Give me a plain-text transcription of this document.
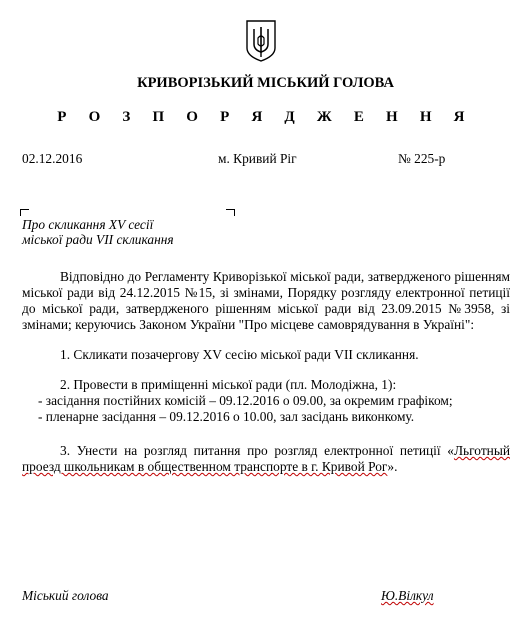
КРИВОРІЗЬКИЙ МІСЬКИЙ ГОЛОВА
Р О З П О Р Я Д Ж Е Н Н Я
02.12.2016	м. Кривий Ріг	№ 225-р
Про скликання XV сесії
міської ради VII скликання

Відповідно до Регламенту Криворізької міської ради, затвердженого рішенням міської ради від 24.12.2015 №15, зі змінами, Порядку розгляду електронної петиції до міської ради, затвердженого рішенням міської ради від 23.09.2015 №3958, зі змінами; керуючись Законом України "Про місцеве самоврядування в Україні":

1. Скликати позачергову XV сесію міської ради VII скликання.

2. Провести в приміщенні міської ради (пл. Молодіжна, 1):

- засідання постійних комісій – 09.12.2016 о 09.00, за окремим графіком;

- пленарне засідання – 09.12.2016 о 10.00, зал засідань виконкому.

3. Унести на розгляд питання про розгляд електронної петиції «Льготный проезд школьникам в общественном транспорте в г. Кривой Рог».

Міський голова	Ю.Вілкул
